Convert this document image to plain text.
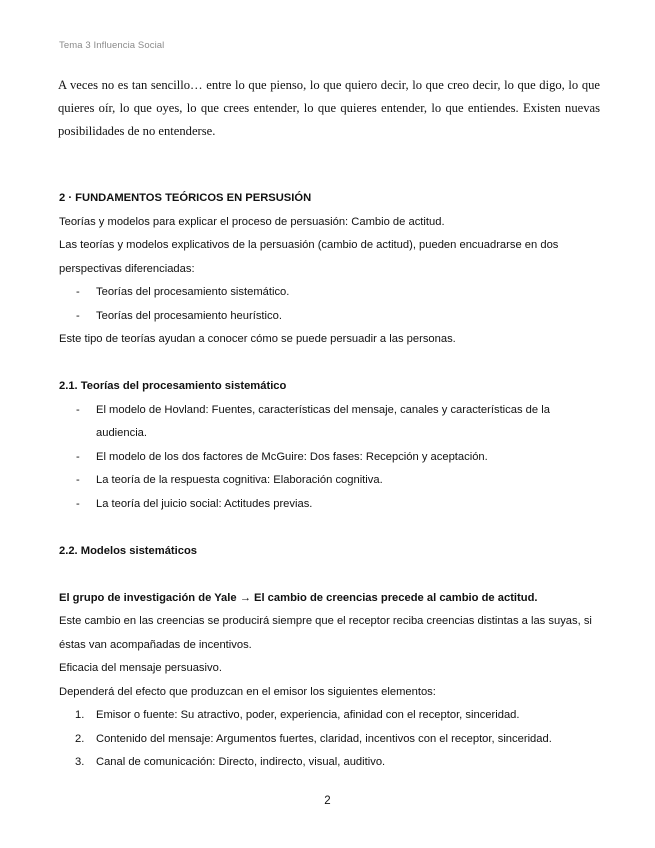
Tema 3 Influencia Social
A veces no es tan sencillo… entre lo que pienso, lo que quiero decir, lo que creo decir, lo que digo, lo que quieres oír, lo que oyes, lo que crees entender, lo que quieres entender, lo que entiendes. Existen nuevas posibilidades de no entenderse.

2 · FUNDAMENTOS TEÓRICOS EN PERSUSIÓN

Teorías y modelos para explicar el proceso de persuasión: Cambio de actitud.

Las teorías y modelos explicativos de la persuasión (cambio de actitud), pueden encuadrarse en dos perspectivas diferenciadas:

- Teorías del procesamiento sistemático.
- Teorías del procesamiento heurístico.

Este tipo de teorías ayudan a conocer cómo se puede persuadir a las personas.

2.1. Teorías del procesamiento sistemático

- El modelo de Hovland: Fuentes, características del mensaje, canales y características de la audiencia.
- El modelo de los dos factores de McGuire: Dos fases: Recepción y aceptación.
- La teoría de la respuesta cognitiva: Elaboración cognitiva.
- La teoría del juicio social: Actitudes previas.

2.2. Modelos sistemáticos

El grupo de investigación de Yale → El cambio de creencias precede al cambio de actitud.

Este cambio en las creencias se producirá siempre que el receptor reciba creencias distintas a las suyas, si éstas van acompañadas de incentivos.

Eficacia del mensaje persuasivo.

Dependerá del efecto que produzcan en el emisor los siguientes elementos:

1. Emisor o fuente: Su atractivo, poder, experiencia, afinidad con el receptor, sinceridad.
2. Contenido del mensaje: Argumentos fuertes, claridad, incentivos con el receptor, sinceridad.
3. Canal de comunicación: Directo, indirecto, visual, auditivo.
2
